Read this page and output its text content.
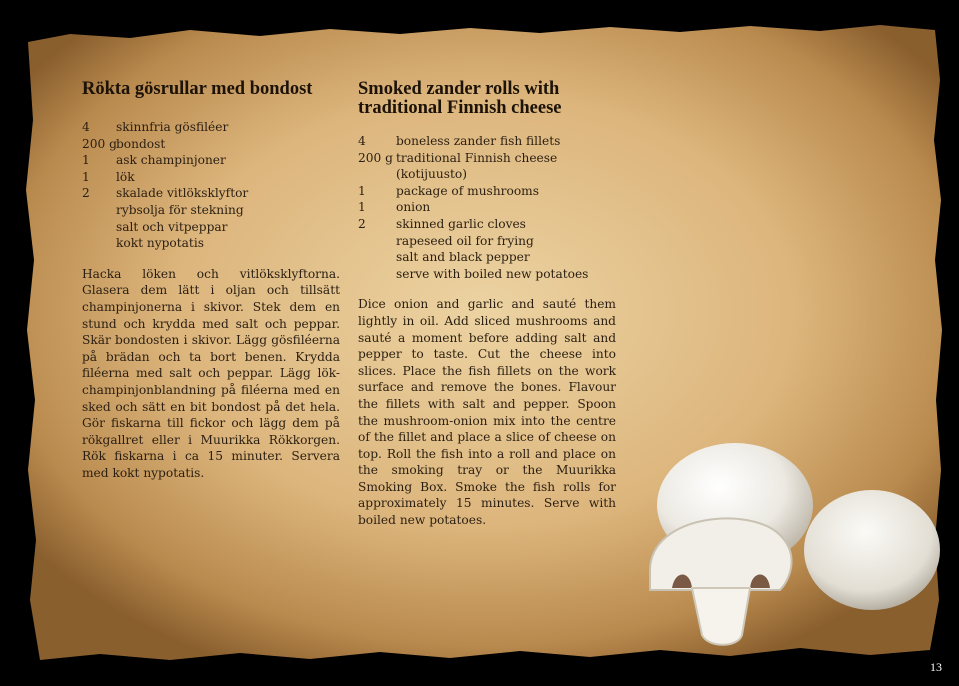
Rökta gösrullar med bondost
4 skinnfria gösfiléer
200 g bondost
1 ask champinjoner
1 lök
2 skalade vitlöksklyftor
rybsolja för stekning
salt och vitpeppar
kokt nypotatis

Hacka löken och vitlöksklyftorna. Glasera dem lätt i oljan och tillsätt champinjonerna i skivor. Stek dem en stund och krydda med salt och peppar. Skär bondosten i skivor. Lägg gösfiléerna på brädan och ta bort benen. Krydda filéerna med salt och peppar. Lägg lök-champinjonblandning på filéerna med en sked och sätt en bit bondost på det hela. Gör fiskarna till fickor och lägg dem på rökgallret eller i Muurikka Rökkorgen. Rök fiskarna i ca 15 minuter. Servera med kokt nypotatis.

Smoked zander rolls with
traditional Finnish cheese
4 boneless zander fish fillets
200 g traditional Finnish cheese
(kotijuusto)
1 package of mushrooms
1 onion
2 skinned garlic cloves
rapeseed oil for frying
salt and black pepper
serve with boiled new potatoes

Dice onion and garlic and sauté them lightly in oil. Add sliced mushrooms and sauté a moment before adding salt and pepper to taste. Cut the cheese into slices. Place the fish fillets on the work surface and remove the bones. Flavour the fillets with salt and pepper. Spoon the mushroom-onion mix into the centre of the fillet and place a slice of cheese on top. Roll the fish into a roll and place on the smoking tray or the Muurikka Smoking Box. Smoke the fish rolls for approximately 15 minutes. Serve with boiled new potatoes.

13
